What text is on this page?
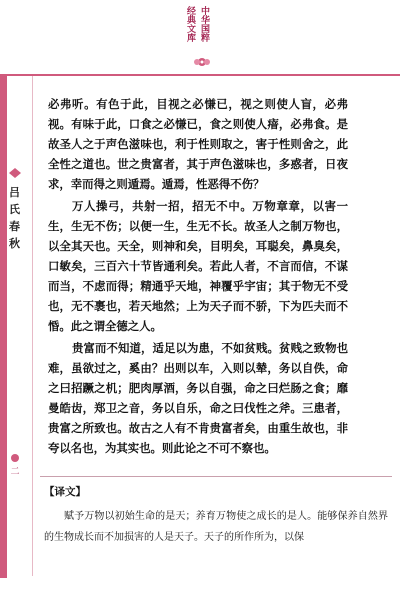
经
典
文
库
中
华
国
粹
吕
氏
春
秋
二

必弗听。有色于此，目视之必慊已，视之则使人盲，必弗视。有味于此，口食之必慊已，食之则使人瘖，必弗食。是故圣人之于声色滋味也，利于性则取之，害于性则舍之，此全性之道也。世之贵富者，其于声色滋味也，多惑者，日夜求，幸而得之则遁焉。遁焉，性恶得不伤？

万人操弓，共射一招，招无不中。万物章章，以害一生，生无不伤；以便一生，生无不长。故圣人之制万物也，以全其天也。天全，则神和矣，目明矣，耳聪矣，鼻臭矣，口敏矣，三百六十节皆通利矣。若此人者，不言而信，不谋而当，不虑而得；精通乎天地，神覆乎宇宙；其于物无不受也，无不裹也，若天地然；上为天子而不骄，下为匹夫而不惛。此之谓全德之人。

贵富而不知道，适足以为患，不如贫贱。贫贱之致物也难，虽欲过之，奚由？出则以车，入则以辇，务以自佚，命之曰招蹶之机；肥肉厚酒，务以自强，命之曰烂肠之食；靡曼皓齿，郑卫之音，务以自乐，命之曰伐性之斧。三患者，贵富之所致也。故古之人有不肯贵富者矣，由重生故也，非夸以名也，为其实也。则此论之不可不察也。

【译文】

赋予万物以初始生命的是天；养育万物使之成长的是人。能够保养自然界的生物成长而不加损害的人是天子。天子的所作所为，以保
